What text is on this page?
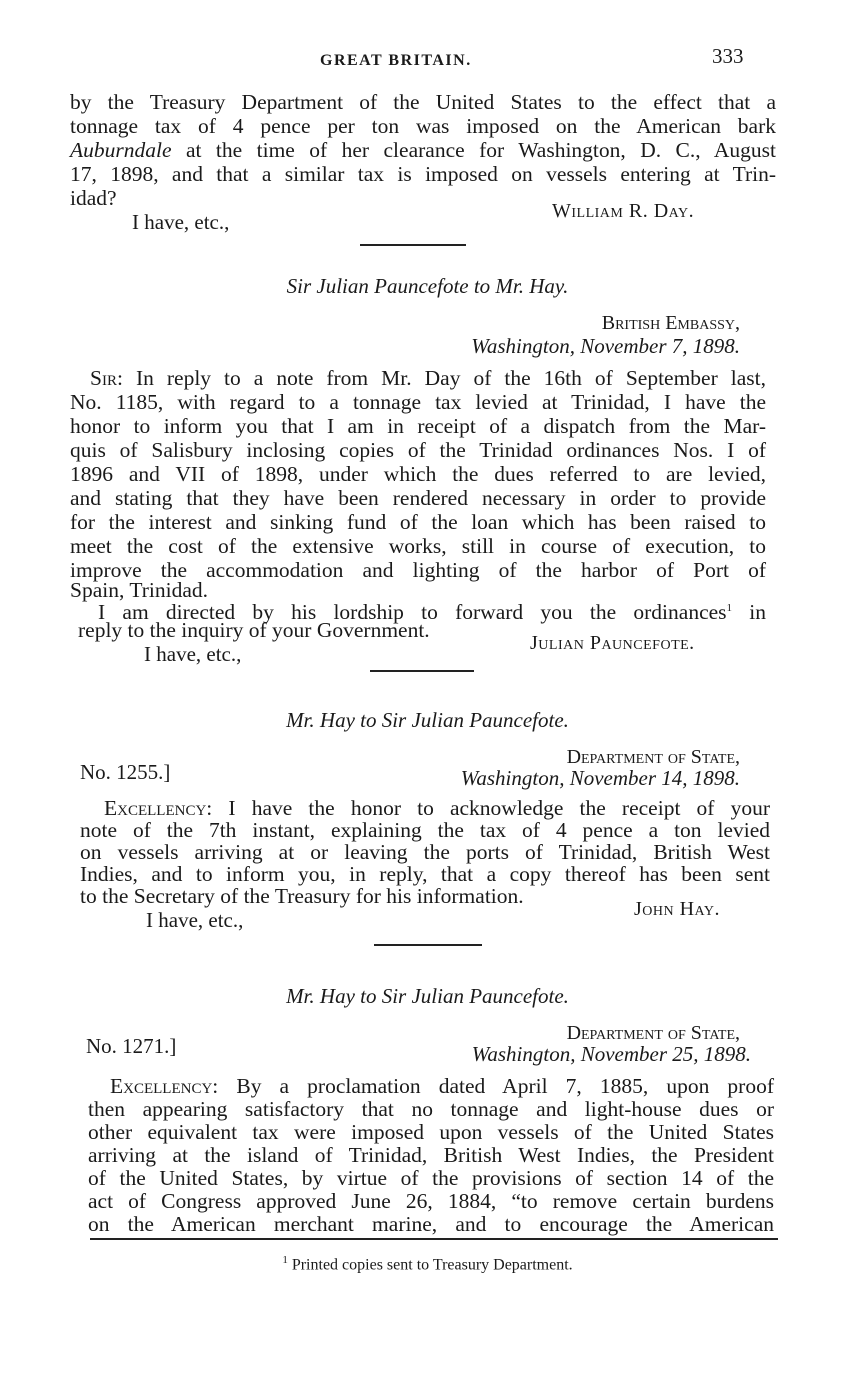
GREAT BRITAIN.	333
by the Treasury Department of the United States to the effect that a
tonnage tax of 4 pence per ton was imposed on the American bark
Auburndale at the time of her clearance for Washington, D. C., August
17, 1898, and that a similar tax is imposed on vessels entering at Trin-
idad?
I have, etc.,	William R. Day.
Sir Julian Pauncefote to Mr. Hay.
British Embassy,
Washington, November 7, 1898.
Sir: In reply to a note from Mr. Day of the 16th of September last,
No. 1185, with regard to a tonnage tax levied at Trinidad, I have the
honor to inform you that I am in receipt of a dispatch from the Mar-
quis of Salisbury inclosing copies of the Trinidad ordinances Nos. I of
1896 and VII of 1898, under which the dues referred to are levied,
and stating that they have been rendered necessary in order to provide
for the interest and sinking fund of the loan which has been raised to
meet the cost of the extensive works, still in course of execution, to
improve the accommodation and lighting of the harbor of Port of
Spain, Trinidad.
I am directed by his lordship to forward you the ordinances$^1$ in
reply to the inquiry of your Government.
I have, etc.,	Julian Pauncefote.
Mr. Hay to Sir Julian Pauncefote.
No. 1255.]
Department of State,
Washington, November 14, 1898.
Excellency: I have the honor to acknowledge the receipt of your
note of the 7th instant, explaining the tax of 4 pence a ton levied
on vessels arriving at or leaving the ports of Trinidad, British West
Indies, and to inform you, in reply, that a copy thereof has been sent
to the Secretary of the Treasury for his information.
I have, etc.,	John Hay.
Mr. Hay to Sir Julian Pauncefote.
No. 1271.]
Department of State,
Washington, November 25, 1898.
Excellency: By a proclamation dated April 7, 1885, upon proof
then appearing satisfactory that no tonnage and light-house dues or
other equivalent tax were imposed upon vessels of the United States
arriving at the island of Trinidad, British West Indies, the President
of the United States, by virtue of the provisions of section 14 of the
act of Congress approved June 26, 1884, “to remove certain burdens
on the American merchant marine, and to encourage the American
$^1$ Printed copies sent to Treasury Department.
